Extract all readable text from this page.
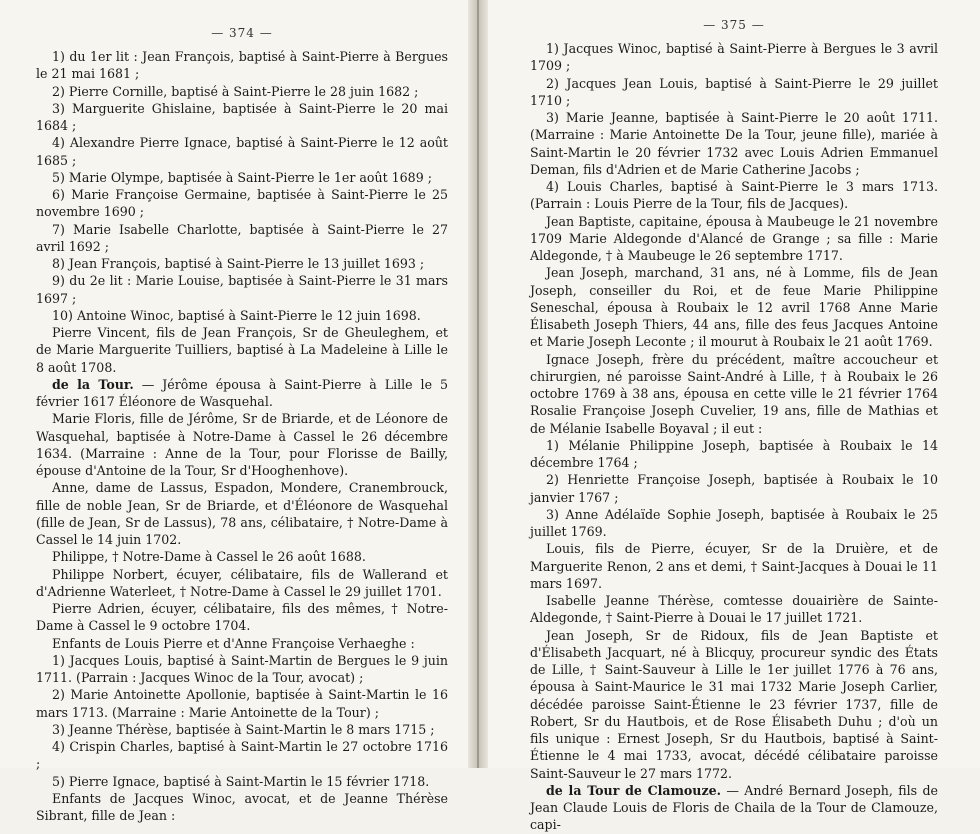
— 374 —

1) du 1er lit : Jean François, baptisé à Saint-Pierre à Bergues le 21 mai 1681 ;

2) Pierre Cornille, baptisé à Saint-Pierre le 28 juin 1682 ;

3) Marguerite Ghislaine, baptisée à Saint-Pierre le 20 mai 1684 ;

4) Alexandre Pierre Ignace, baptisé à Saint-Pierre le 12 août 1685 ;

5) Marie Olympe, baptisée à Saint-Pierre le 1er août 1689 ;

6) Marie Françoise Germaine, baptisée à Saint-Pierre le 25 novembre 1690 ;

7) Marie Isabelle Charlotte, baptisée à Saint-Pierre le 27 avril 1692 ;

8) Jean François, baptisé à Saint-Pierre le 13 juillet 1693 ;

9) du 2e lit : Marie Louise, baptisée à Saint-Pierre le 31 mars 1697 ;

10) Antoine Winoc, baptisé à Saint-Pierre le 12 juin 1698.

Pierre Vincent, fils de Jean François, Sr de Gheuleghem, et de Marie Marguerite Tuilliers, baptisé à La Madeleine à Lille le 8 août 1708.

de la Tour. — Jérôme épousa à Saint-Pierre à Lille le 5 février 1617 Éléonore de Wasquehal.

Marie Floris, fille de Jérôme, Sr de Briarde, et de Léonore de Wasquehal, baptisée à Notre-Dame à Cassel le 26 décembre 1634. (Marraine : Anne de la Tour, pour Florisse de Bailly, épouse d'Antoine de la Tour, Sr d'Hooghenhove).

Anne, dame de Lassus, Espadon, Mondere, Cranembrouck, fille de noble Jean, Sr de Briarde, et d'Éléonore de Wasquehal (fille de Jean, Sr de Lassus), 78 ans, célibataire, † Notre-Dame à Cassel le 14 juin 1702.

Philippe, † Notre-Dame à Cassel le 26 août 1688.

Philippe Norbert, écuyer, célibataire, fils de Wallerand et d'Adrienne Waterleet, † Notre-Dame à Cassel le 29 juillet 1701.

Pierre Adrien, écuyer, célibataire, fils des mêmes, † Notre-Dame à Cassel le 9 octobre 1704.

Enfants de Louis Pierre et d'Anne Françoise Verhaeghe :

1) Jacques Louis, baptisé à Saint-Martin de Bergues le 9 juin 1711. (Parrain : Jacques Winoc de la Tour, avocat) ;

2) Marie Antoinette Apollonie, baptisée à Saint-Martin le 16 mars 1713. (Marraine : Marie Antoinette de la Tour) ;

3) Jeanne Thérèse, baptisée à Saint-Martin le 8 mars 1715 ;

4) Crispin Charles, baptisé à Saint-Martin le 27 octobre 1716 ;

5) Pierre Ignace, baptisé à Saint-Martin le 15 février 1718.

Enfants de Jacques Winoc, avocat, et de Jeanne Thérèse Sibrant, fille de Jean :

— 375 —

1) Jacques Winoc, baptisé à Saint-Pierre à Bergues le 3 avril 1709 ;

2) Jacques Jean Louis, baptisé à Saint-Pierre le 29 juillet 1710 ;

3) Marie Jeanne, baptisée à Saint-Pierre le 20 août 1711. (Marraine : Marie Antoinette De la Tour, jeune fille), mariée à Saint-Martin le 20 février 1732 avec Louis Adrien Emmanuel Deman, fils d'Adrien et de Marie Catherine Jacobs ;

4) Louis Charles, baptisé à Saint-Pierre le 3 mars 1713. (Parrain : Louis Pierre de la Tour, fils de Jacques).

Jean Baptiste, capitaine, épousa à Maubeuge le 21 novembre 1709 Marie Aldegonde d'Alancé de Grange ; sa fille : Marie Aldegonde, † à Maubeuge le 26 septembre 1717.

Jean Joseph, marchand, 31 ans, né à Lomme, fils de Jean Joseph, conseiller du Roi, et de feue Marie Philippine Seneschal, épousa à Roubaix le 12 avril 1768 Anne Marie Élisabeth Joseph Thiers, 44 ans, fille des feus Jacques Antoine et Marie Joseph Leconte ; il mourut à Roubaix le 21 août 1769.

Ignace Joseph, frère du précédent, maître accoucheur et chirurgien, né paroisse Saint-André à Lille, † à Roubaix le 26 octobre 1769 à 38 ans, épousa en cette ville le 21 février 1764 Rosalie Françoise Joseph Cuvelier, 19 ans, fille de Mathias et de Mélanie Isabelle Boyaval ; il eut :

1) Mélanie Philippine Joseph, baptisée à Roubaix le 14 décembre 1764 ;

2) Henriette Françoise Joseph, baptisée à Roubaix le 10 janvier 1767 ;

3) Anne Adélaïde Sophie Joseph, baptisée à Roubaix le 25 juillet 1769.

Louis, fils de Pierre, écuyer, Sr de la Druière, et de Marguerite Renon, 2 ans et demi, † Saint-Jacques à Douai le 11 mars 1697.

Isabelle Jeanne Thérèse, comtesse douairière de Sainte-Aldegonde, † Saint-Pierre à Douai le 17 juillet 1721.

Jean Joseph, Sr de Ridoux, fils de Jean Baptiste et d'Élisabeth Jacquart, né à Blicquy, procureur syndic des États de Lille, † Saint-Sauveur à Lille le 1er juillet 1776 à 76 ans, épousa à Saint-Maurice le 31 mai 1732 Marie Joseph Carlier, décédée paroisse Saint-Étienne le 23 février 1737, fille de Robert, Sr du Hautbois, et de Rose Élisabeth Duhu ; d'où un fils unique : Ernest Joseph, Sr du Hautbois, baptisé à Saint-Étienne le 4 mai 1733, avocat, décédé célibataire paroisse Saint-Sauveur le 27 mars 1772.

de la Tour de Clamouze. — André Bernard Joseph, fils de Jean Claude Louis de Floris de Chaila de la Tour de Clamouze, capi-
